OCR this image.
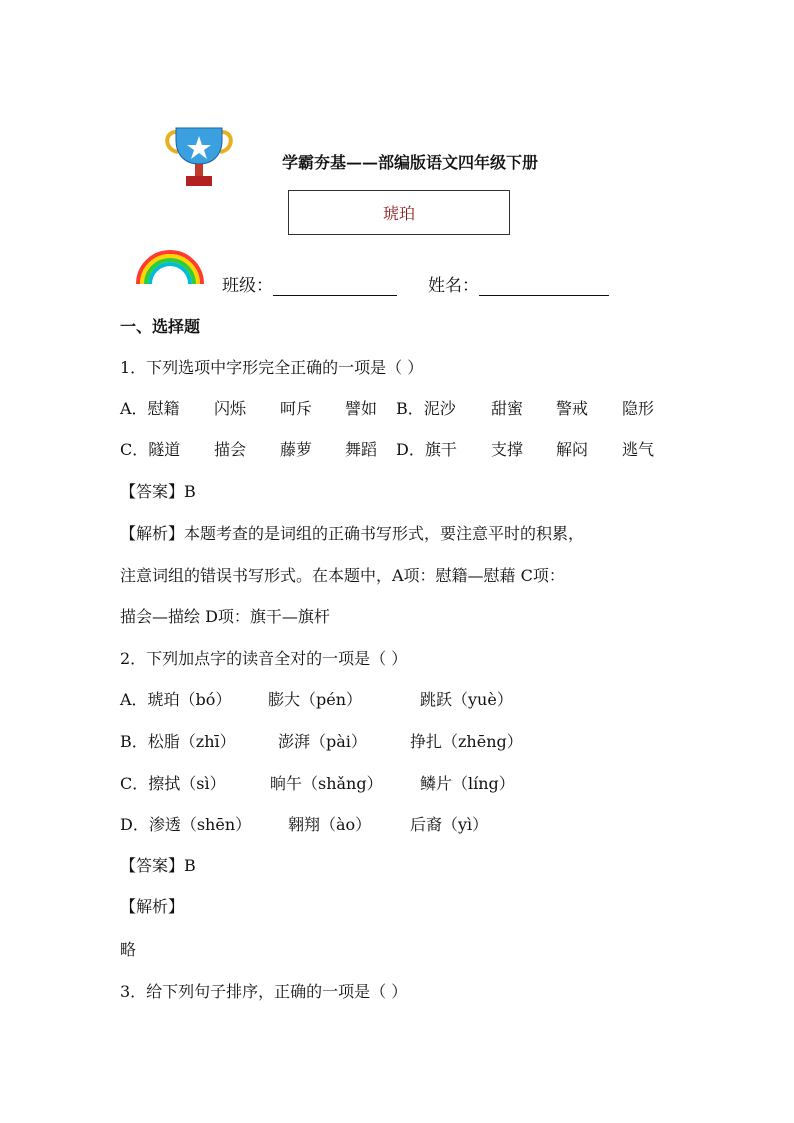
学霸夯基——部编版语文四年级下册
琥珀
班级：	姓名：
一、选择题
1．下列选项中字形完全正确的一项是（ ）
A．慰籍 闪烁 呵斥 譬如 B．泥沙 甜蜜 警戒 隐形
C．隧道 描会 藤萝 舞蹈 D．旗干 支撑 解闷 逃气
【答案】B
【解析】本题考查的是词组的正确书写形式，要注意平时的积累，
注意词组的错误书写形式。在本题中，A项：慰籍—慰藉 C项：
描会—描绘 D项：旗干—旗杆
2．下列加点字的读音全对的一项是（ ）
A．琥珀（bó） 膨大（pén）	跳跃（yuè）
B．松脂（zhī）	澎湃（pài）	挣扎（zhēng）
C．擦拭（sì）	晌午（shǎng） 鳞片（líng）
D．渗透（shēn） 翱翔（ào） 后裔（yì）
【答案】B
【解析】
略
3．给下列句子排序，正确的一项是（ ）
